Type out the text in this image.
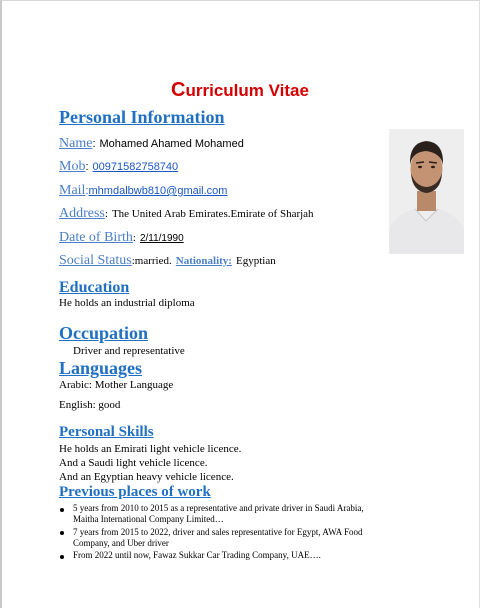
Curriculum Vitae
Personal Information
Name: Mohamed Ahamed Mohamed
Mob: 00971582758740
Mail:mhmdalbwb810@gmail.com
Address: The United Arab Emirates.Emirate of Sharjah
Date of Birth: 2/11/1990
Social Status:married. Nationality: Egyptian
Education
He holds an industrial diploma
Occupation
Driver and representative
Languages
Arabic: Mother Language
English: good
Personal Skills
He holds an Emirati light vehicle licence.
And a Saudi light vehicle licence.
And an Egyptian heavy vehicle licence.
Previous places of work
5 years from 2010 to 2015 as a representative and private driver in Saudi Arabia, Maitha International Company Limited…
7 years from 2015 to 2022, driver and sales representative for Egypt, AWA Food Company, and Uber driver
From 2022 until now, Fawaz Sukkar Car Trading Company, UAE….
